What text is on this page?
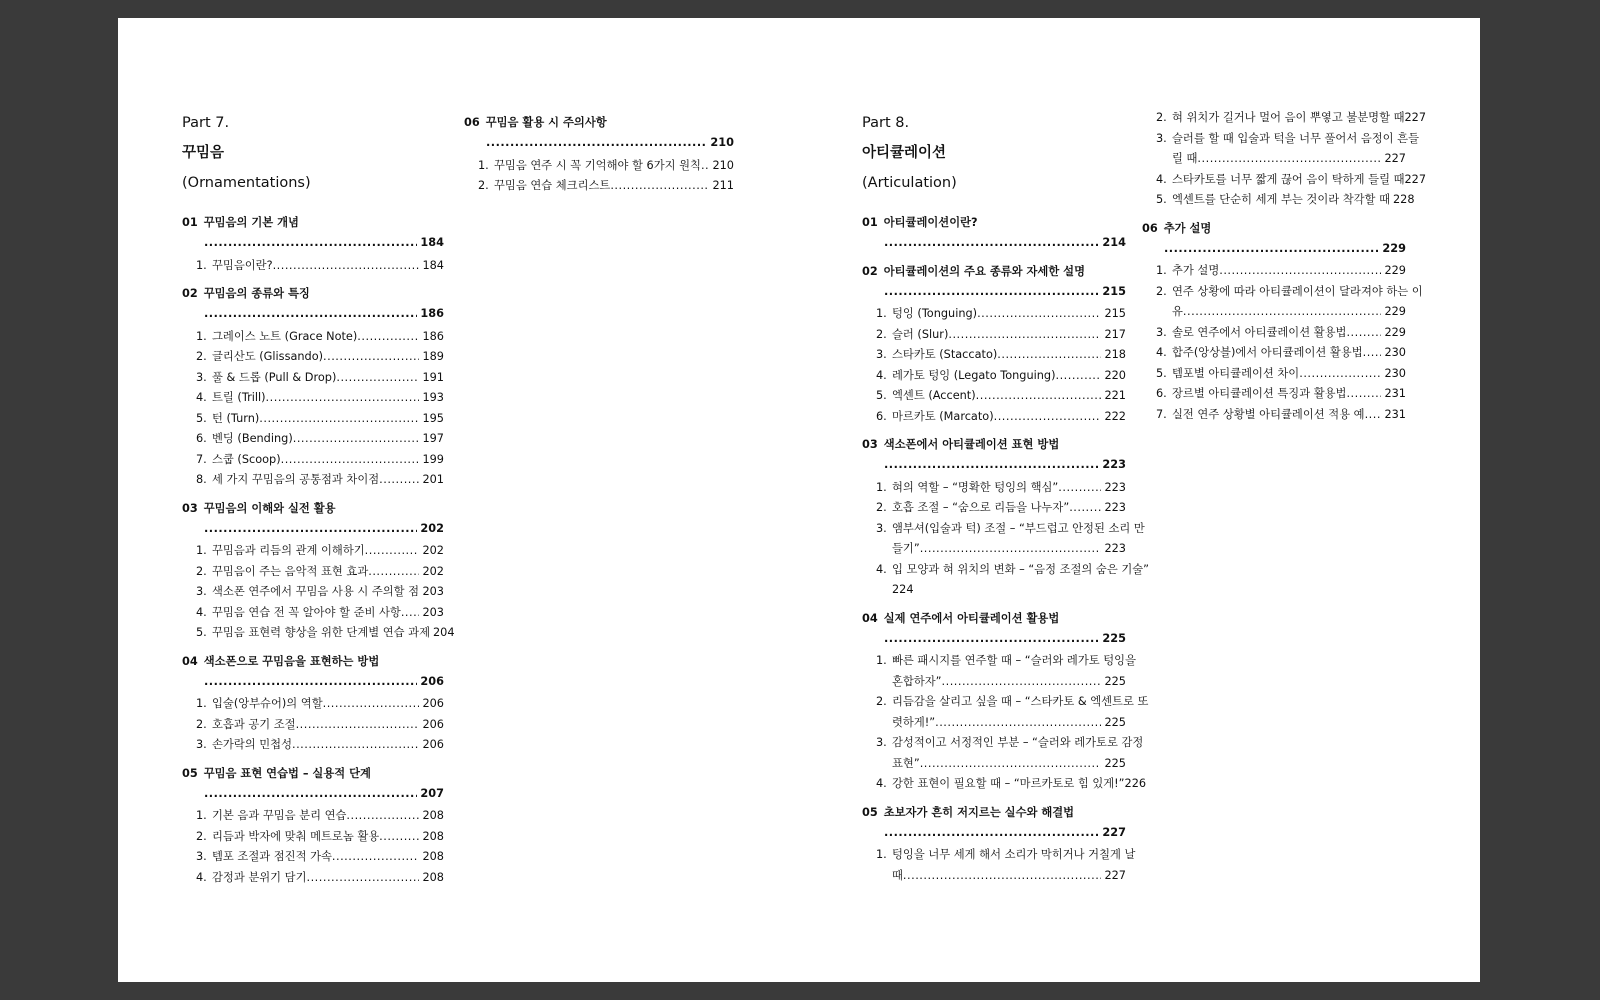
Part 7.
꾸밈음
(Ornamentations)
01 꾸밈음의 기본 개념
.....
184
1. 꾸밈음이란? .....	184
02 꾸밈음의 종류와 특징
.....
186
1. 그레이스 노트 (Grace Note) .....	186
2. 글리산도 (Glissando) .....	189
3. 풀 & 드롭 (Pull & Drop) .....	191
4. 트릴 (Trill) .....	193
5. 턴 (Turn) .....	195
6. 벤딩 (Bending) .....	197
7. 스쿱 (Scoop) .....	199
8. 세 가지 꾸밈음의 공통점과 차이점 .....	201
03 꾸밈음의 이해와 실전 활용
.....
202
1. 꾸밈음과 리듬의 관계 이해하기 .....	202
2. 꾸밈음이 주는 음악적 표현 효과 .....	202
3. 색소폰 연주에서 꾸밈음 사용 시 주의할 점 ..... 203
4. 꾸밈음 연습 전 꼭 알아야 할 준비 사항 ..... 203
5. 꾸밈음 표현력 향상을 위한 단계별 연습 과제 204
04 색소폰으로 꾸밈음을 표현하는 방법
.....
206
1. 입술(앙부슈어)의 역할 .....	206
2. 호흡과 공기 조절 .....	206
3. 손가락의 민첩성 .....	206
05 꾸밈음 표현 연습법 – 실용적 단계
.....
207
1. 기본 음과 꾸밈음 분리 연습 .....	208
2. 리듬과 박자에 맞춰 메트로놈 활용 .....	208
3. 템포 조절과 점진적 가속 .....	208
4. 감정과 분위기 담기 .....	208
06 꾸밈음 활용 시 주의사항
.....
210
1. 꾸밈음 연주 시 꼭 기억해야 할 6가지 원칙 ..... 210
2. 꾸밈음 연습 체크리스트 .....	211
Part 8.
아티큘레이션
(Articulation)
01 아티큘레이션이란?
.....
214
02 아티큘레이션의 주요 종류와 자세한 설명
.....
215
1. 텅잉 (Tonguing) .....	215
2. 슬러 (Slur) .....	217
3. 스타카토 (Staccato) .....	218
4. 레가토 텅잉 (Legato Tonguing) .....	220
5. 엑센트 (Accent) .....	221
6. 마르카토 (Marcato) .....	222
03 색소폰에서 아티큘레이션 표현 방법
.....
223
1. 혀의 역할 – “명확한 텅잉의 핵심” .....	223
2. 호흡 조절 – “숨으로 리듬을 나누자” .....	223
3. 앰부셔(입술과 턱) 조절 – “부드럽고 안정된 소리 만
들기” .....	223
4. 입 모양과 혀 위치의 변화 – “음정 조절의 숨은 기술”
224
04 실제 연주에서 아티큘레이션 활용법
.....
225
1. 빠른 패시지를 연주할 때 – “슬러와 레가토 텅잉을
혼합하자” .....	225
2. 리듬감을 살리고 싶을 때 – “스타카토 & 엑센트로 또
렷하게!” .....	225
3. 감성적이고 서정적인 부분 – “슬러와 레가토로 감정
표현” .....	225
4. 강한 표현이 필요할 때 – “마르카토로 힘 있게!”226
05 초보자가 흔히 저지르는 실수와 해결법
.....
227
1. 텅잉을 너무 세게 해서 소리가 막히거나 거칠게 날
때 .....	227
2. 혀 위치가 길거나 멀어 음이 뿌옇고 불분명할 때227
3. 슬러를 할 때 입술과 턱을 너무 풀어서 음정이 흔들
릴 때 .....	227
4. 스타카토를 너무 짧게 끊어 음이 탁하게 들릴 때227
5. 엑센트를 단순히 세게 부는 것이라 착각할 때 228
06 추가 설명
.....
229
1. 추가 설명 .....	229
2. 연주 상황에 따라 아티큘레이션이 달라져야 하는 이
유 .....	229
3. 솔로 연주에서 아티큘레이션 활용법 .....	229
4. 합주(앙상블)에서 아티큘레이션 활용법 ..... 230
5. 템포별 아티큘레이션 차이 .....	230
6. 장르별 아티큘레이션 특징과 활용법 .....	231
7. 실전 연주 상황별 아티큘레이션 적용 예 ..... 231
